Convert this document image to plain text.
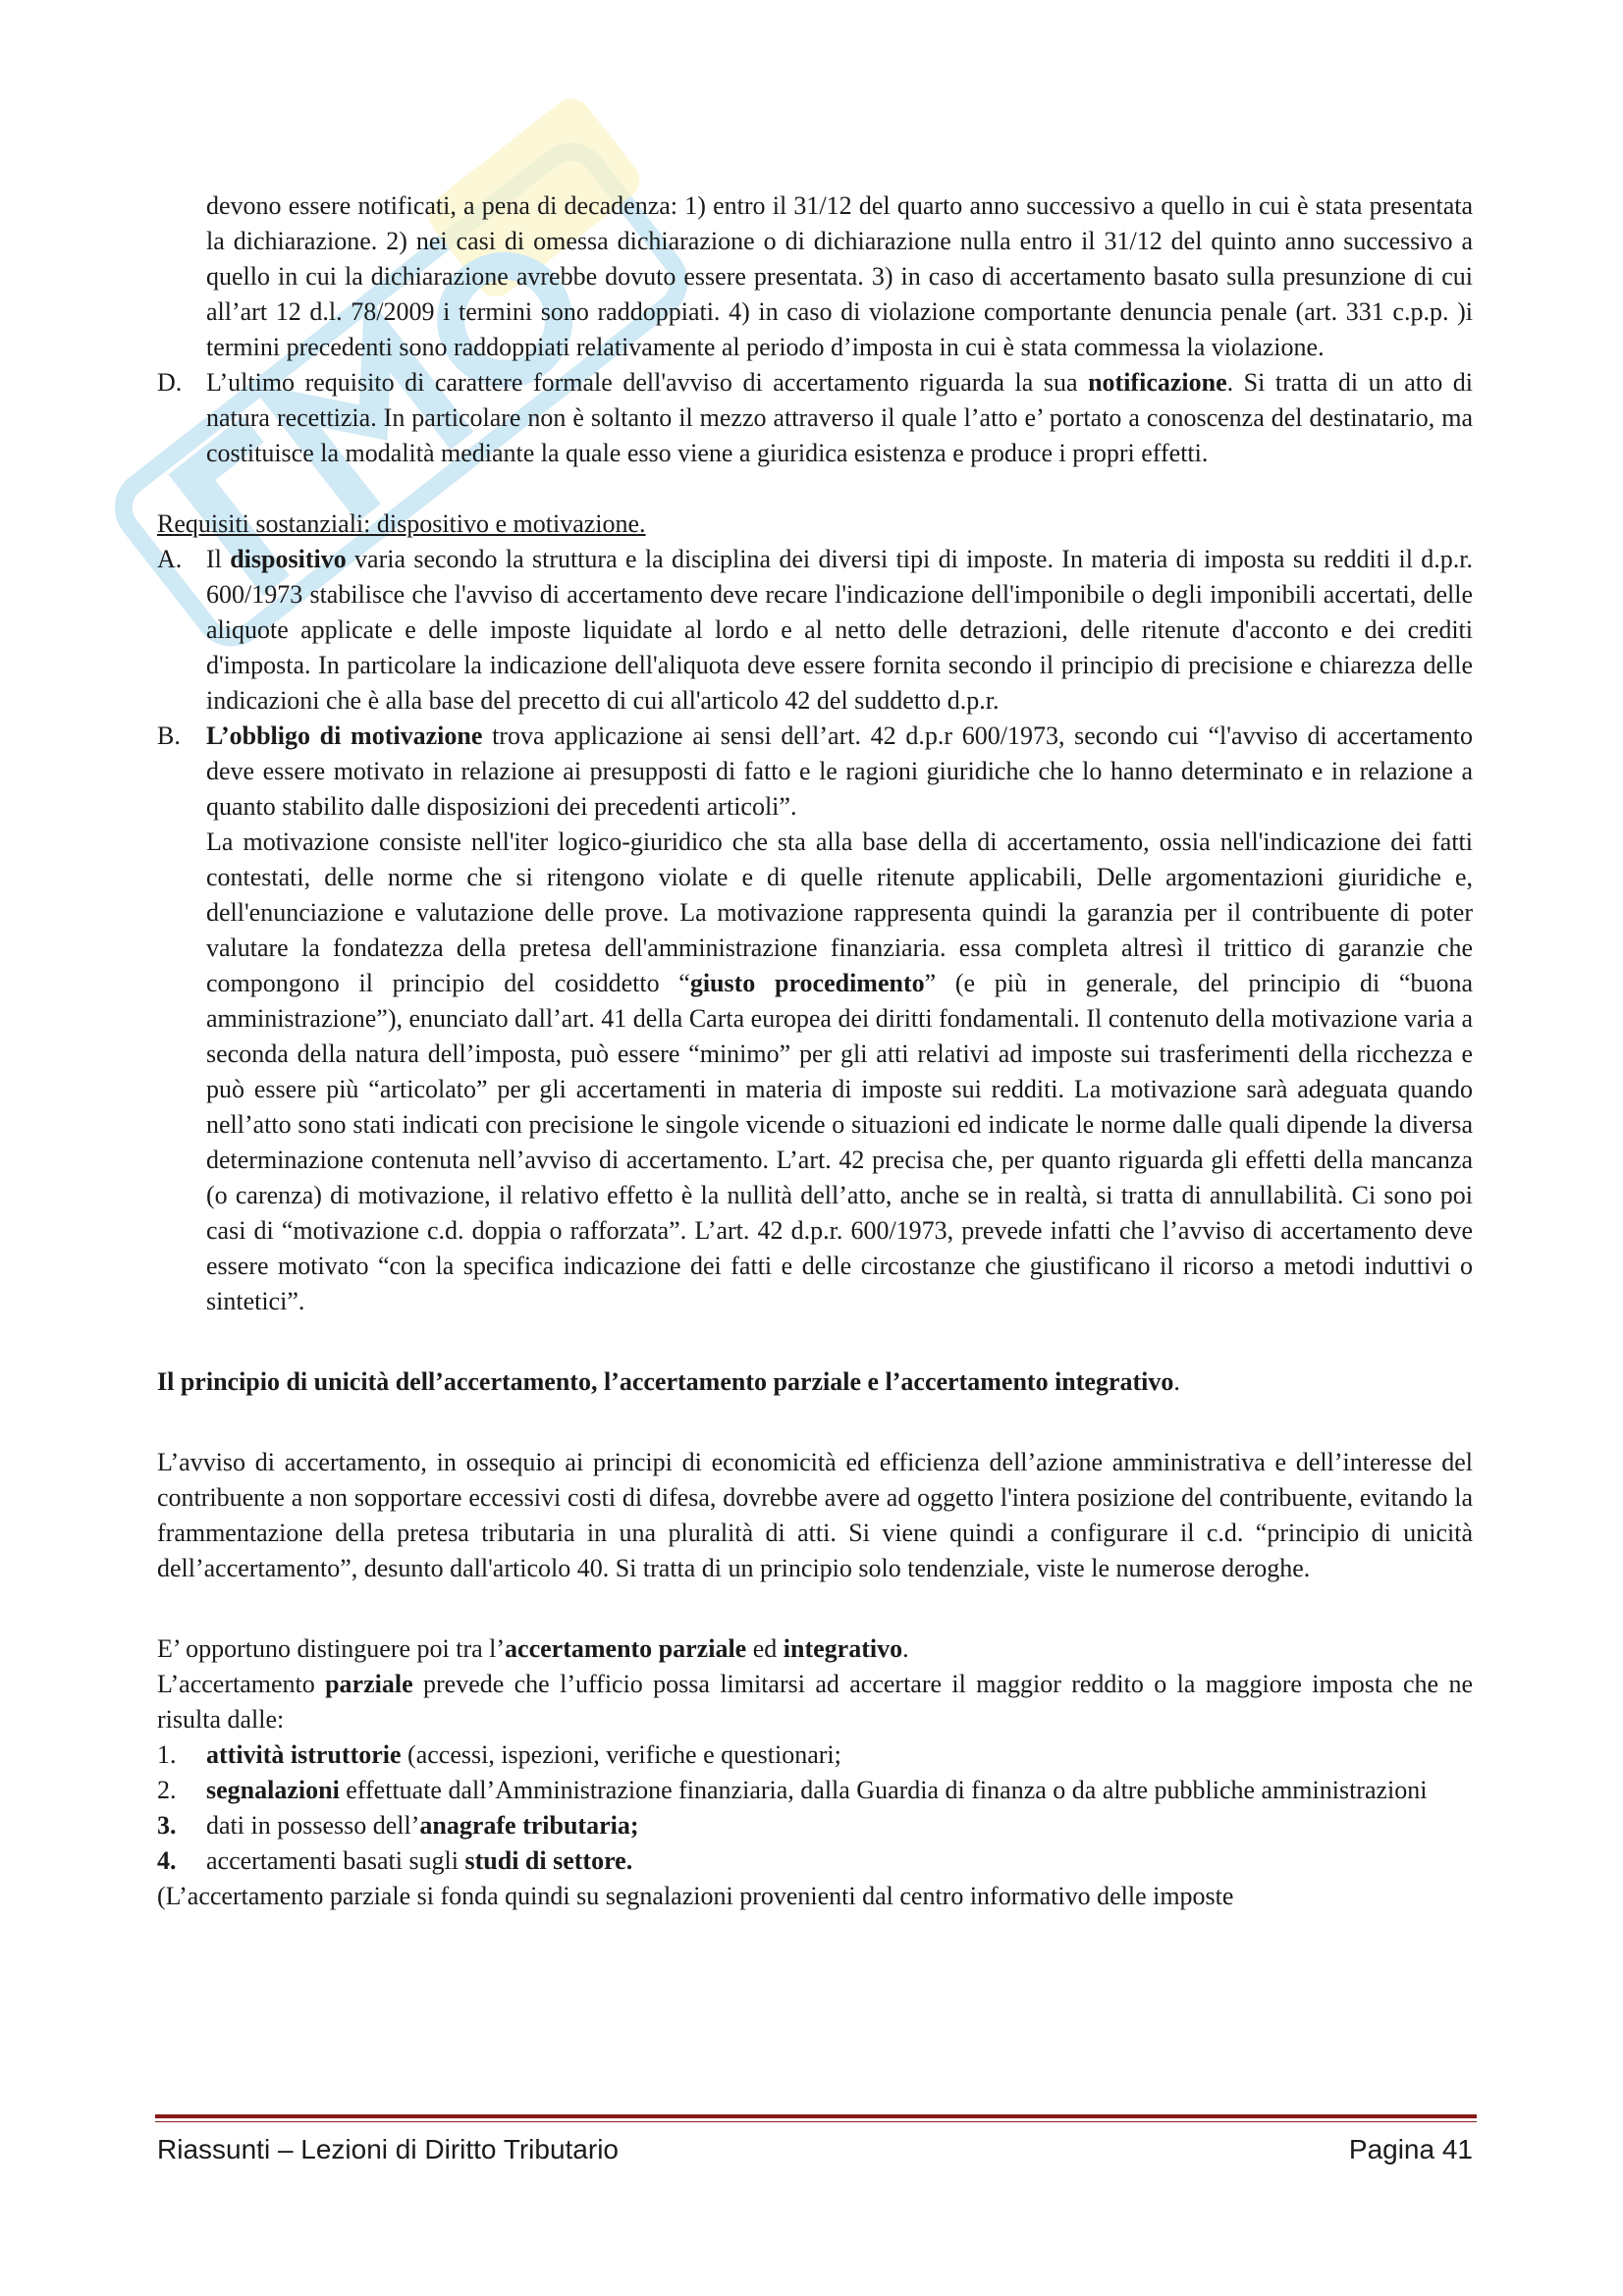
devono essere notificati, a pena di decadenza: 1) entro il 31/12 del quarto anno successivo a quello in cui è stata presentata la dichiarazione. 2) nei casi di omessa dichiarazione o di dichiarazione nulla entro il 31/12 del quinto anno successivo a quello in cui la dichiarazione avrebbe dovuto essere presentata. 3) in caso di accertamento basato sulla presunzione di cui all’art 12 d.l. 78/2009 i termini sono raddoppiati. 4) in caso di violazione comportante denuncia penale (art. 331 c.p.p. )i termini precedenti sono raddoppiati relativamente al periodo d’imposta in cui è stata commessa la violazione.

D. L’ultimo requisito di carattere formale dell'avviso di accertamento riguarda la sua notificazione. Si tratta di un atto di natura recettizia. In particolare non è soltanto il mezzo attraverso il quale l’atto e’ portato a conoscenza del destinatario, ma costituisce la modalità mediante la quale esso viene a giuridica esistenza e produce i propri effetti.

Requisiti sostanziali: dispositivo e motivazione.

A. Il dispositivo varia secondo la struttura e la disciplina dei diversi tipi di imposte. In materia di imposta su redditi il d.p.r. 600/1973 stabilisce che l'avviso di accertamento deve recare l'indicazione dell'imponibile o degli imponibili accertati, delle aliquote applicate e delle imposte liquidate al lordo e al netto delle detrazioni, delle ritenute d'acconto e dei crediti d'imposta. In particolare la indicazione dell'aliquota deve essere fornita secondo il principio di precisione e chiarezza delle indicazioni che è alla base del precetto di cui all'articolo 42 del suddetto d.p.r.
B.	L’obbligo di motivazione trova applicazione ai sensi dell’art. 42 d.p.r 600/1973, secondo cui “l'avviso di accertamento deve essere motivato in relazione ai presupposti di fatto e le ragioni giuridiche che lo hanno determinato e in relazione a quanto stabilito dalle disposizioni dei precedenti articoli”.
La motivazione consiste nell'iter logico-giuridico che sta alla base della di accertamento, ossia nell'indicazione dei fatti contestati, delle norme che si ritengono violate e di quelle ritenute applicabili, Delle argomentazioni giuridiche e, dell'enunciazione e valutazione delle prove. La motivazione rappresenta quindi la garanzia per il contribuente di poter valutare la fondatezza della pretesa dell'amministrazione finanziaria. essa completa altresì il trittico di garanzie che compongono il principio del cosiddetto “giusto procedimento” (e più in generale, del principio di “buona amministrazione”), enunciato dall’art. 41 della Carta europea dei diritti fondamentali. Il contenuto della motivazione varia a seconda della natura dell’imposta, può essere “minimo” per gli atti relativi ad imposte sui trasferimenti della ricchezza e può essere più “articolato” per gli accertamenti in materia di imposte sui redditi. La motivazione sarà adeguata quando nell’atto sono stati indicati con precisione le singole vicende o situazioni ed indicate le norme dalle quali dipende la diversa determinazione contenuta nell’avviso di accertamento. L’art. 42 precisa che, per quanto riguarda gli effetti della mancanza (o carenza) di motivazione, il relativo effetto è la nullità dell’atto, anche se in realtà, si tratta di annullabilità. Ci sono poi casi di “motivazione c.d. doppia o rafforzata”. L’art. 42 d.p.r. 600/1973, prevede infatti che l’avviso di accertamento deve essere motivato “con la specifica indicazione dei fatti e delle circostanze che giustificano il ricorso a metodi induttivi o sintetici”.

Il principio di unicità dell’accertamento, l’accertamento parziale e l’accertamento integrativo.

L’avviso di accertamento, in ossequio ai principi di economicità ed efficienza dell’azione amministrativa e dell’interesse del contribuente a non sopportare eccessivi costi di difesa, dovrebbe avere ad oggetto l'intera posizione del contribuente, evitando la frammentazione della pretesa tributaria in una pluralità di atti. Si viene quindi a configurare il c.d. “principio di unicità dell’accertamento”, desunto dall'articolo 40. Si tratta di un principio solo tendenziale, viste le numerose deroghe.

E’ opportuno distinguere poi tra l’accertamento parziale ed integrativo.

L’accertamento parziale prevede che l’ufficio possa limitarsi ad accertare il maggior reddito o la maggiore imposta che ne risulta dalle:

1.	attività istruttorie (accessi, ispezioni, verifiche e questionari;
2.	segnalazioni effettuate dall’Amministrazione finanziaria, dalla Guardia di finanza o da altre pubbliche amministrazioni
3.	dati in possesso dell’anagrafe tributaria;
4.	accertamenti basati sugli studi di settore.

(L’accertamento parziale si fonda quindi su segnalazioni provenienti dal centro informativo delle imposte

Riassunti – Lezioni di Diritto Tributario	Pagina 41
